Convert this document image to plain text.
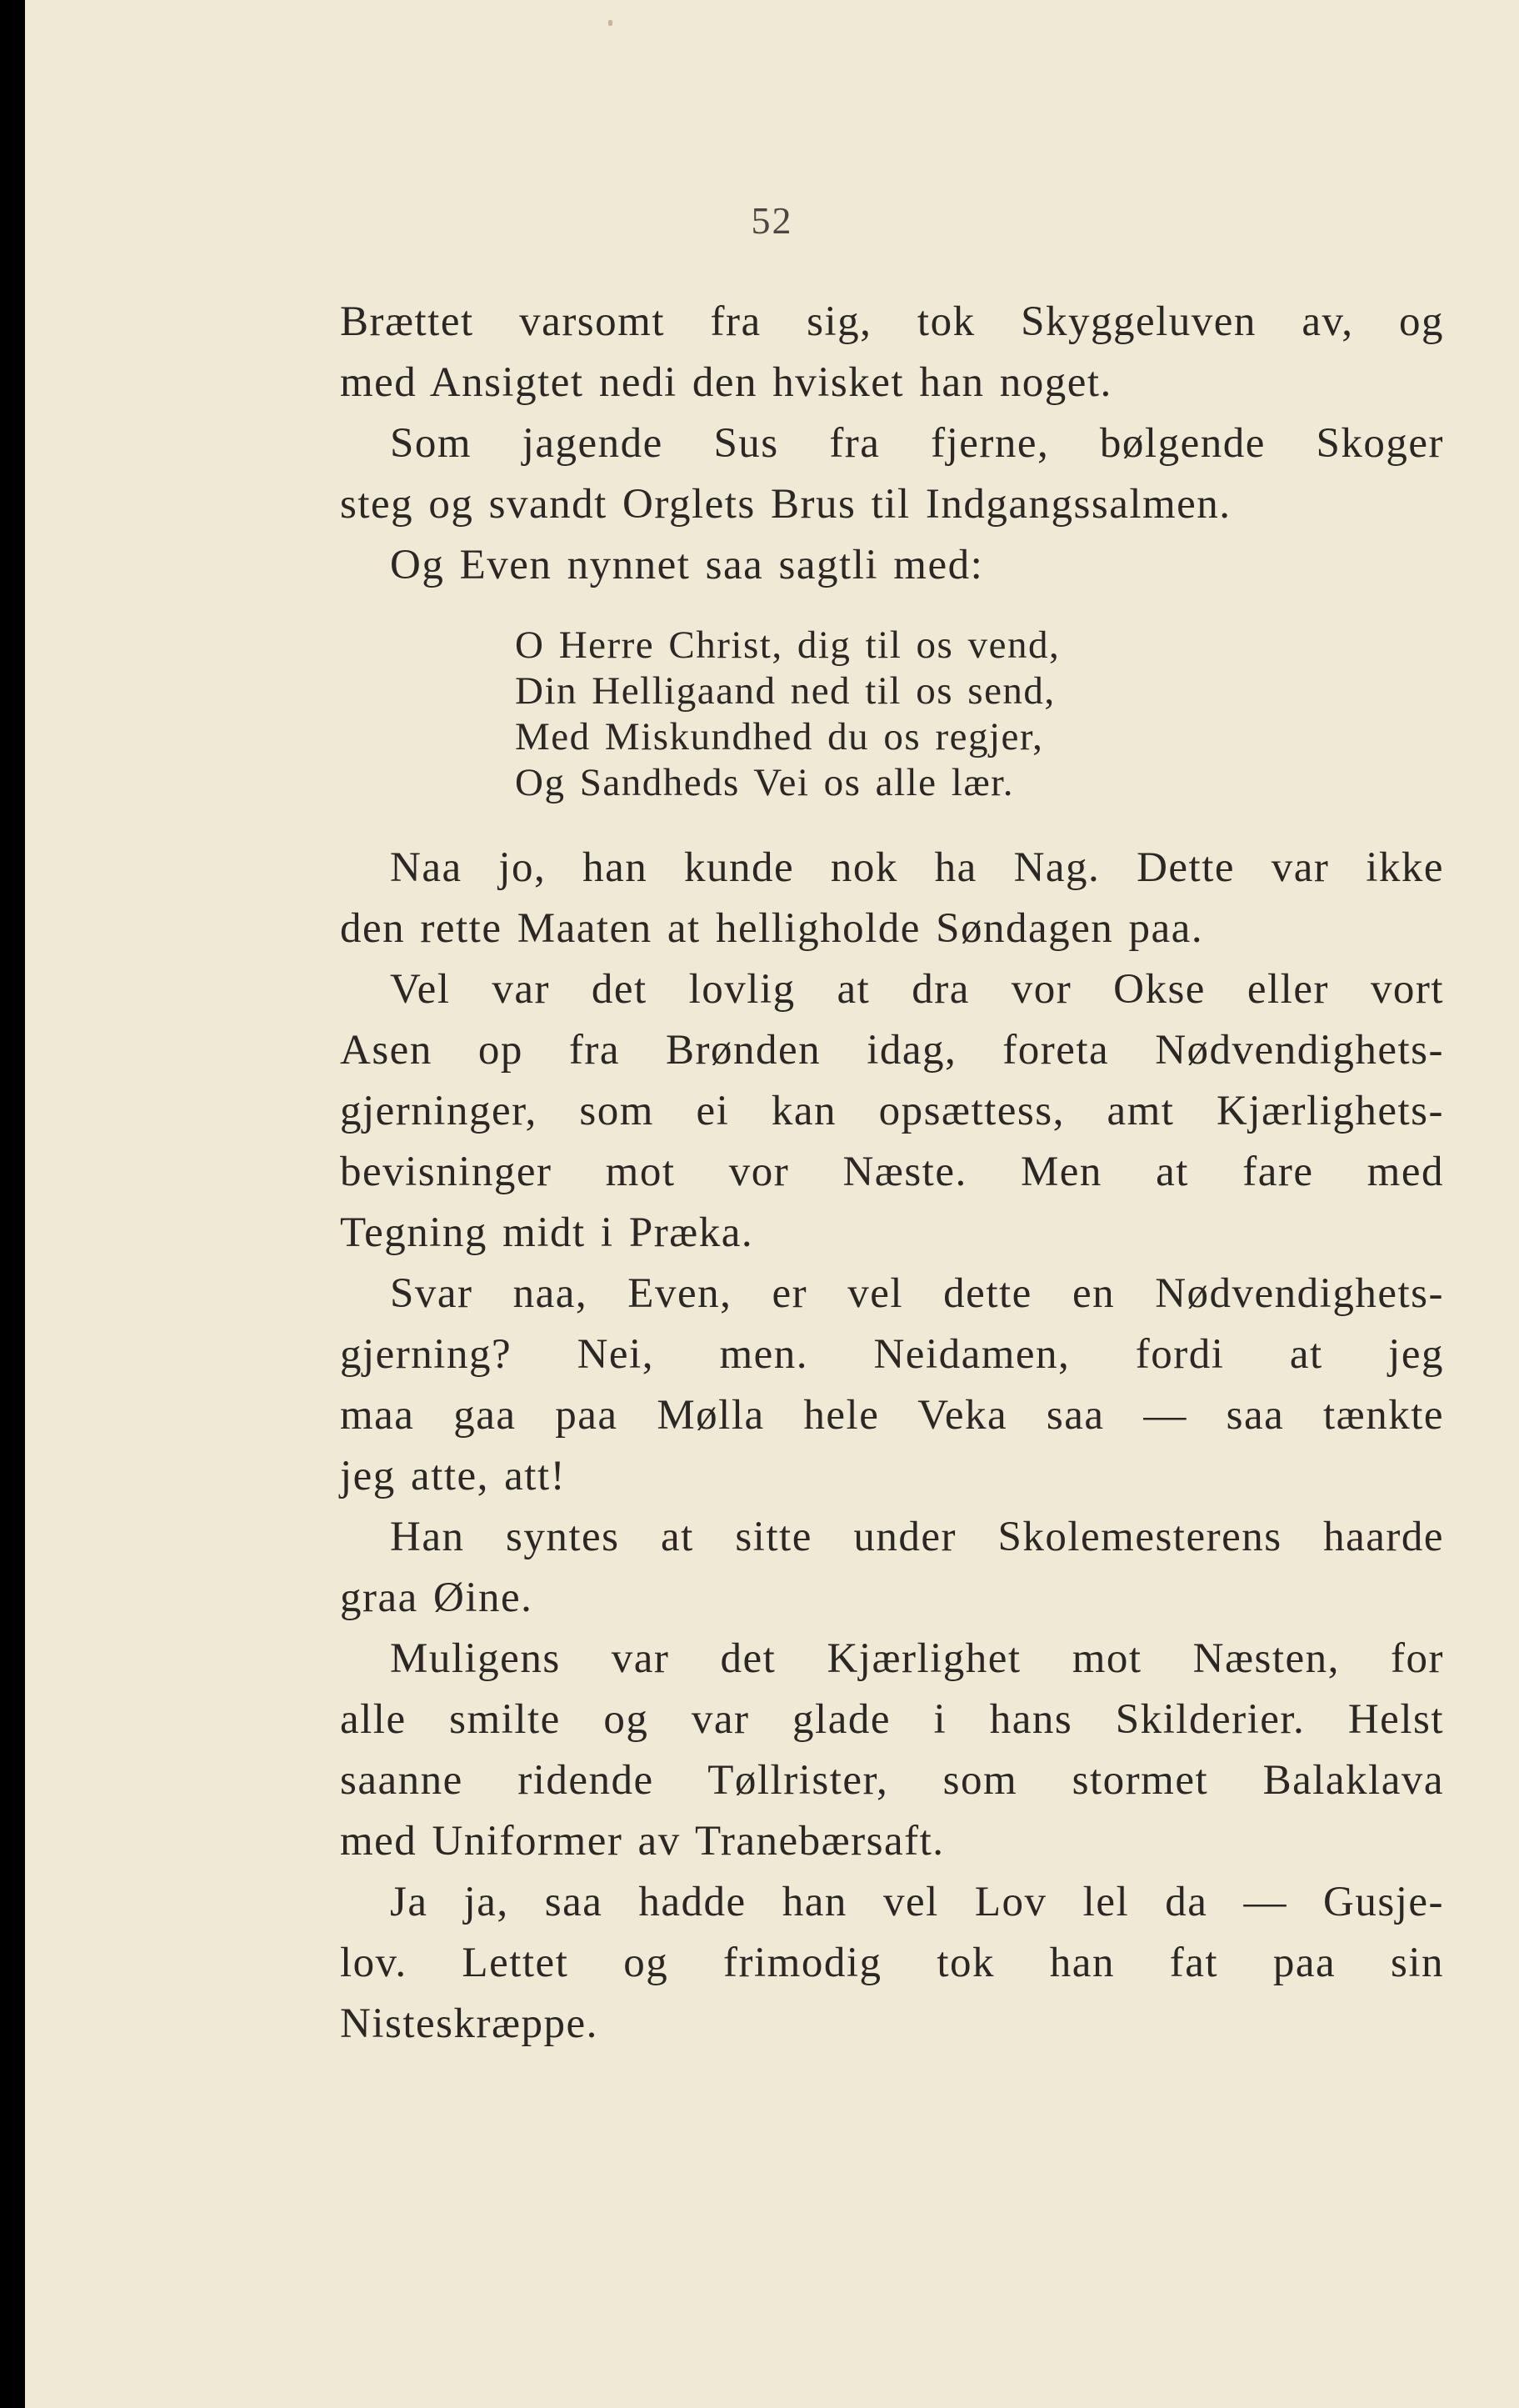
52
Brættet varsomt fra sig, tok Skyggeluven av, og
med Ansigtet nedi den hvisket han noget.
Som jagende Sus fra fjerne, bølgende Skoger
steg og svandt Orglets Brus til Indgangssalmen.
Og Even nynnet saa sagtli med:
O Herre Christ, dig til os vend,
Din Helligaand ned til os send,
Med Miskundhed du os regjer,
Og Sandheds Vei os alle lær.
Naa jo, han kunde nok ha Nag. Dette var ikke
den rette Maaten at helligholde Søndagen paa.
Vel var det lovlig at dra vor Okse eller vort
Asen op fra Brønden idag, foreta Nødvendighets-
gjerninger, som ei kan opsættess, amt Kjærlighets-
bevisninger mot vor Næste. Men at fare med
Tegning midt i Præka.
Svar naa, Even, er vel dette en Nødvendighets-
gjerning? Nei, men. Neidamen, fordi at jeg
maa gaa paa Mølla hele Veka saa — saa tænkte
jeg atte, att!
Han syntes at sitte under Skolemesterens haarde
graa Øine.
Muligens var det Kjærlighet mot Næsten, for
alle smilte og var glade i hans Skilderier. Helst
saanne ridende Tøllrister, som stormet Balaklava
med Uniformer av Tranebærsaft.
Ja ja, saa hadde han vel Lov lel da — Gusje-
lov. Lettet og frimodig tok han fat paa sin
Nisteskræppe.
